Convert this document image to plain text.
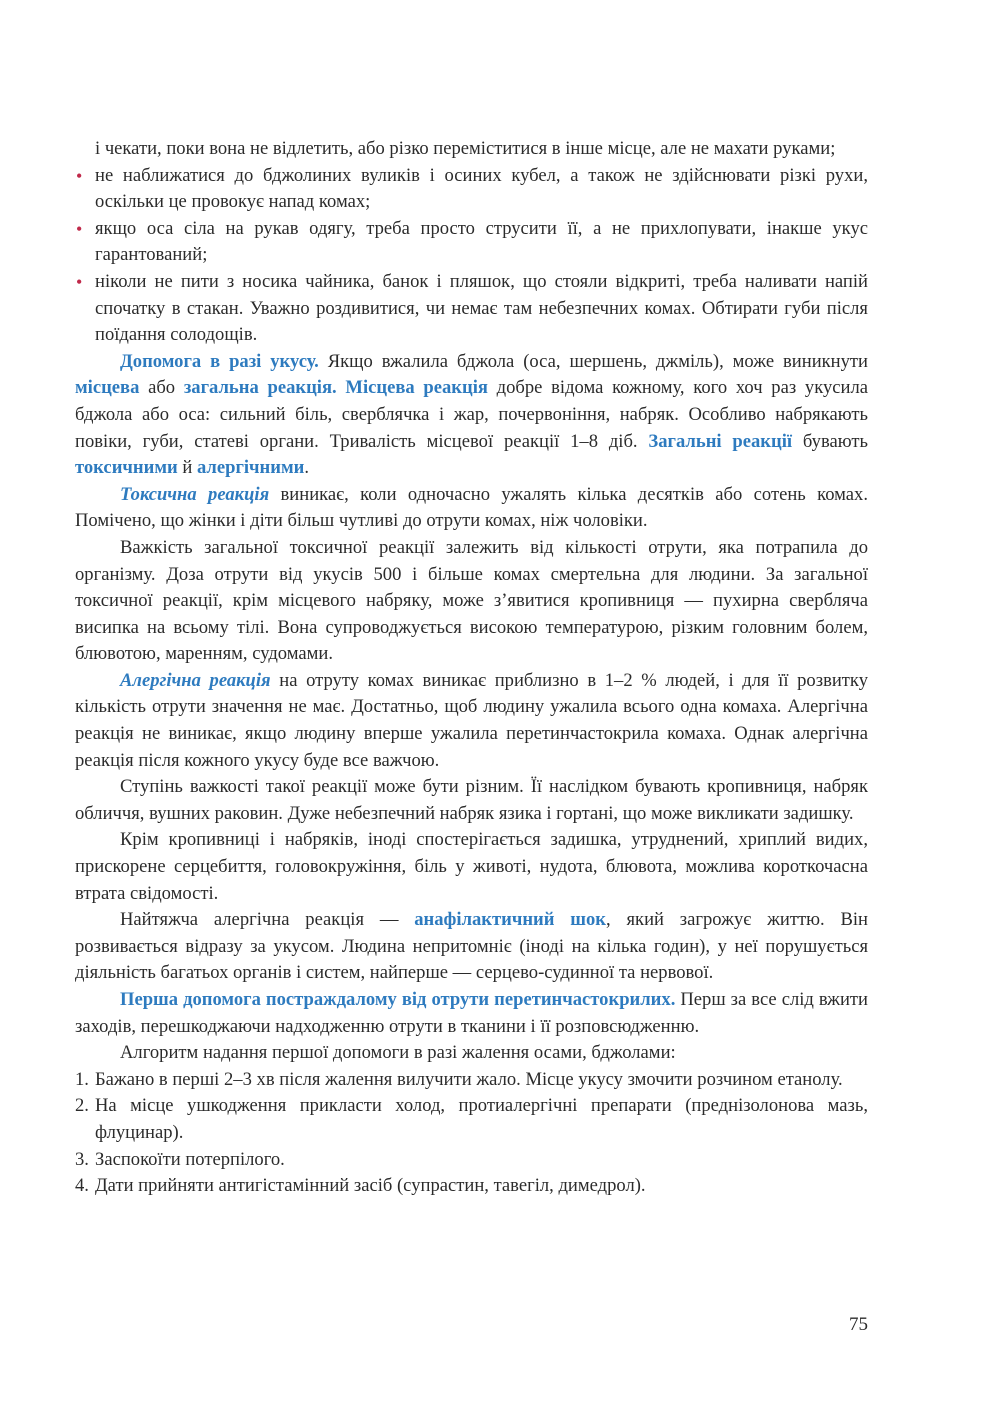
і чекати, поки вона не відлетить, або різко переміститися в інше місце, але не махати руками;

• не наближатися до бджолиних вуликів і осиних кубел, а також не здійснювати різкі рухи, оскільки це провокує напад комах;

• якщо оса сіла на рукав одягу, треба просто струсити її, а не прихлопувати, інакше укус гарантований;

• ніколи не пити з носика чайника, банок і пляшок, що стояли відкриті, треба наливати напій спочатку в стакан. Уважно роздивитися, чи немає там небезпечних комах. Обтирати губи після поїдання солодощів.

Допомога в разі укусу. Якщо вжалила бджола (оса, шершень, джміль), може виникнути місцева або загальна реакція. Місцева реакція добре відома кожному, кого хоч раз укусила бджола або оса: сильний біль, сверблячка і жар, почервоніння, набряк. Особливо набрякають повіки, губи, статеві органи. Тривалість місцевої реакції 1–8 діб. Загальні реакції бувають токсичними й алергічними.

Токсична реакція виникає, коли одночасно ужалять кілька десятків або сотень комах. Помічено, що жінки і діти більш чутливі до отрути комах, ніж чоловіки.

Важкість загальної токсичної реакції залежить від кількості отрути, яка потрапила до організму. Доза отрути від укусів 500 і більше комах смертельна для людини. За загальної токсичної реакції, крім місцевого набряку, може з’явитися кропивниця — пухирна свербляча висипка на всьому тілі. Вона супроводжується високою температурою, різким головним болем, блювотою, маренням, судомами.

Алергічна реакція на отруту комах виникає приблизно в 1–2 % людей, і для її розвитку кількість отрути значення не має. Достатньо, щоб людину ужалила всього одна комаха. Алергічна реакція не виникає, якщо людину вперше ужалила перетинчастокрила комаха. Однак алергічна реакція після кожного укусу буде все важчою.

Ступінь важкості такої реакції може бути різним. Її наслідком бувають кропивниця, набряк обличчя, вушних раковин. Дуже небезпечний набряк язика і гортані, що може викликати задишку.

Крім кропивниці і набряків, іноді спостерігається задишка, утруднений, хриплий видих, прискорене серцебиття, головокружіння, біль у животі, нудота, блювота, можлива короткочасна втрата свідомості.

Найтяжча алергічна реакція — анафілактичний шок, який загрожує життю. Він розвивається відразу за укусом. Людина непритомніє (іноді на кілька годин), у неї порушується діяльність багатьох органів і систем, найперше — серцево-судинної та нервової.

Перша допомога постраждалому від отрути перетинчастокрилих. Перш за все слід вжити заходів, перешкоджаючи надходженню отрути в тканини і її розповсюдженню.

Алгоритм надання першої допомоги в разі жалення осами, бджолами:

1. Бажано в перші 2–3 хв після жалення вилучити жало. Місце укусу змочити розчином етанолу.

2. На місце ушкодження прикласти холод, протиалергічні препарати (преднізолонова мазь, флуцинар).

3. Заспокоїти потерпілого.

4. Дати прийняти антигістамінний засіб (супрастин, тавегіл, димедрол).

75
